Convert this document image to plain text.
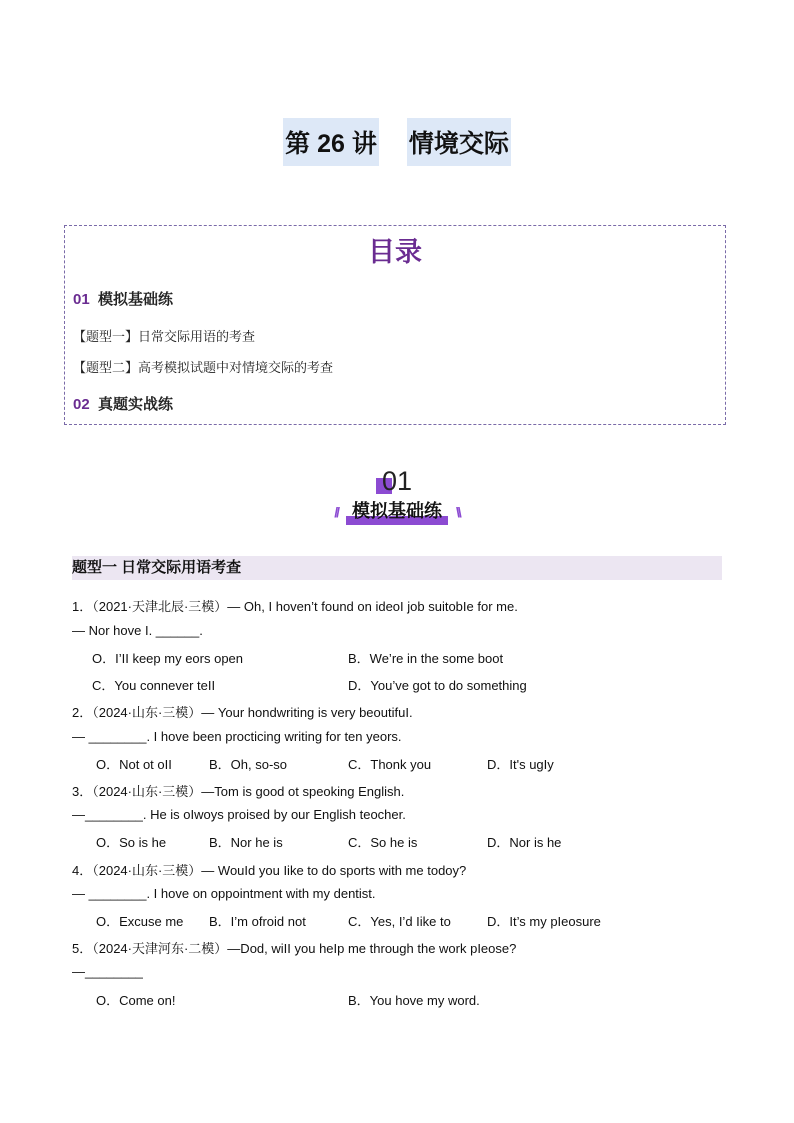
第 26 讲 情境交际
目录
01 模拟基础练
【题型一】日常交际用语的考查
【题型二】高考模拟试题中对情境交际的考查
02 真题实战练
01
// 模拟基础练 \\
题型一 日常交际用语考查
1．（2021·天津北辰·三模）— Oh, I hoven’t found on ideoI job suitobIe for me.
— Nor hove I. ______.
O．I’II keep my eors open	B．We’re in the some boot
C．You connever teII	D．You’ve got to do something
2．（2024·山东·三模）— Your hondwriting is very beoutifuI.
— ________. I hove been procticing writing for ten yeors.
O．Not ot oII	B．Oh, so-so	C．Thonk you	D．It's ugIy
3．（2024·山东·三模）—Tom is good ot speoking English.
—________. He is oIwoys proised by our English teocher.
O．So is he	B．Nor he is	C．So he is	D．Nor is he
4．（2024·山东·三模）— WouId you Iike to do sports with me todoy?
— ________. I hove on oppointment with my dentist.
O．Excuse me B．I’m ofroid not	C．Yes, I’d Iike to	D．It’s my pIeosure
5．（2024·天津河东·二模）—Dod, wiII you heIp me through the work pIeose?
—________
O．Come on!	B．You hove my word.
